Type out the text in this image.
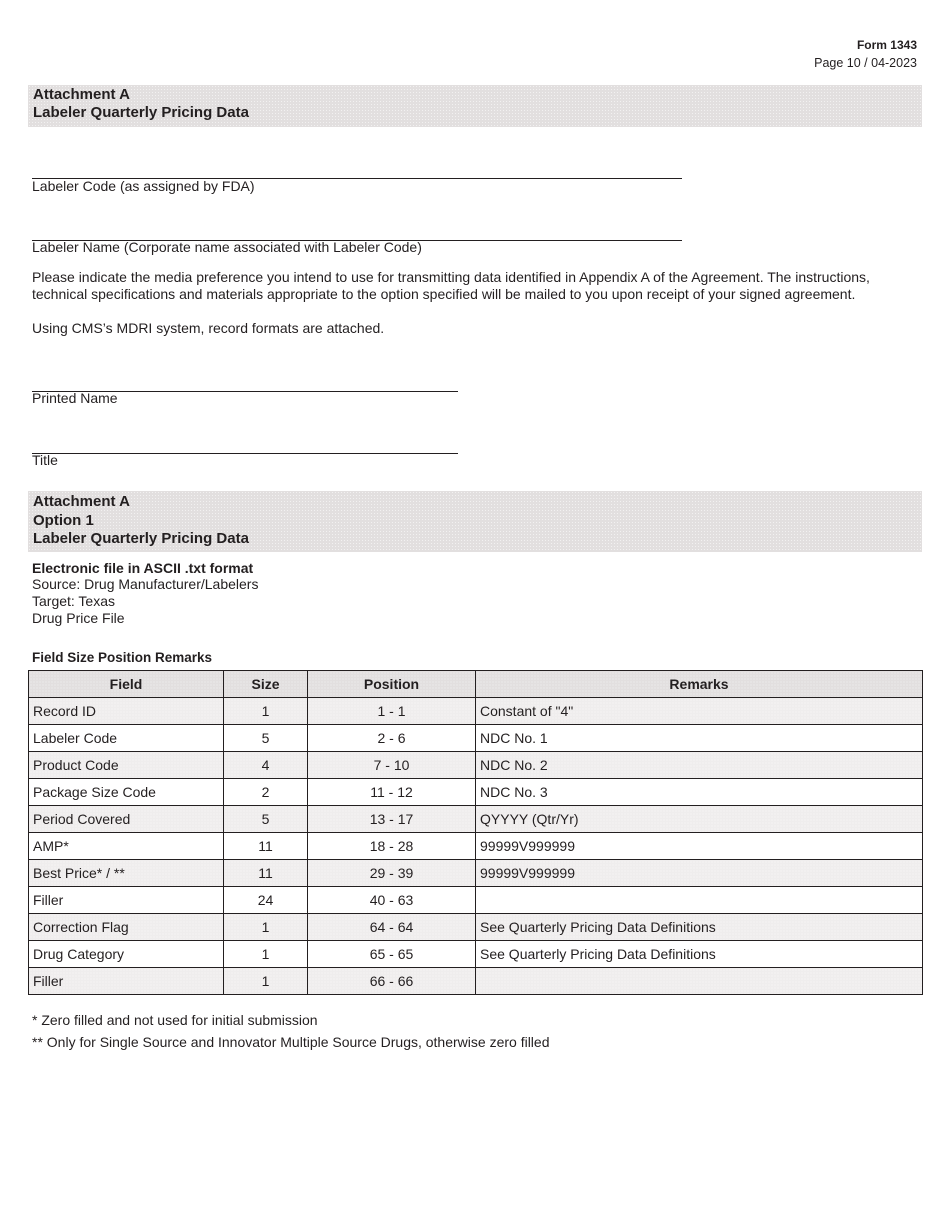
Form 1343
Page 10 / 04-2023
Attachment A
Labeler Quarterly Pricing Data
Labeler Code (as assigned by FDA)
Labeler Name (Corporate name associated with Labeler Code)
Please indicate the media preference you intend to use for transmitting data identified in Appendix A of the Agreement. The instructions, technical specifications and materials appropriate to the option specified will be mailed to you upon receipt of your signed agreement.
Using CMS’s MDRI system, record formats are attached.
Printed Name
Title
Attachment A
Option 1
Labeler Quarterly Pricing Data
Electronic file in ASCII .txt format
Source: Drug Manufacturer/Labelers
Target: Texas
Drug Price File
Field Size Position Remarks
Field	Size	Position	Remarks
Record ID	1	1 - 1	Constant of "4"
Labeler Code	5	2 - 6	NDC No. 1
Product Code	4	7 - 10	NDC No. 2
Package Size Code	2	11 - 12	NDC No. 3
Period Covered	5	13 - 17	QYYYY (Qtr/Yr)
AMP*	11	18 - 28	99999V999999
Best Price* / **	11	29 - 39	99999V999999
Filler	24	40 - 63	
Correction Flag	1	64 - 64	See Quarterly Pricing Data Definitions
Drug Category	1	65 - 65	See Quarterly Pricing Data Definitions
Filler	1	66 - 66	
* Zero filled and not used for initial submission
** Only for Single Source and Innovator Multiple Source Drugs, otherwise zero filled
